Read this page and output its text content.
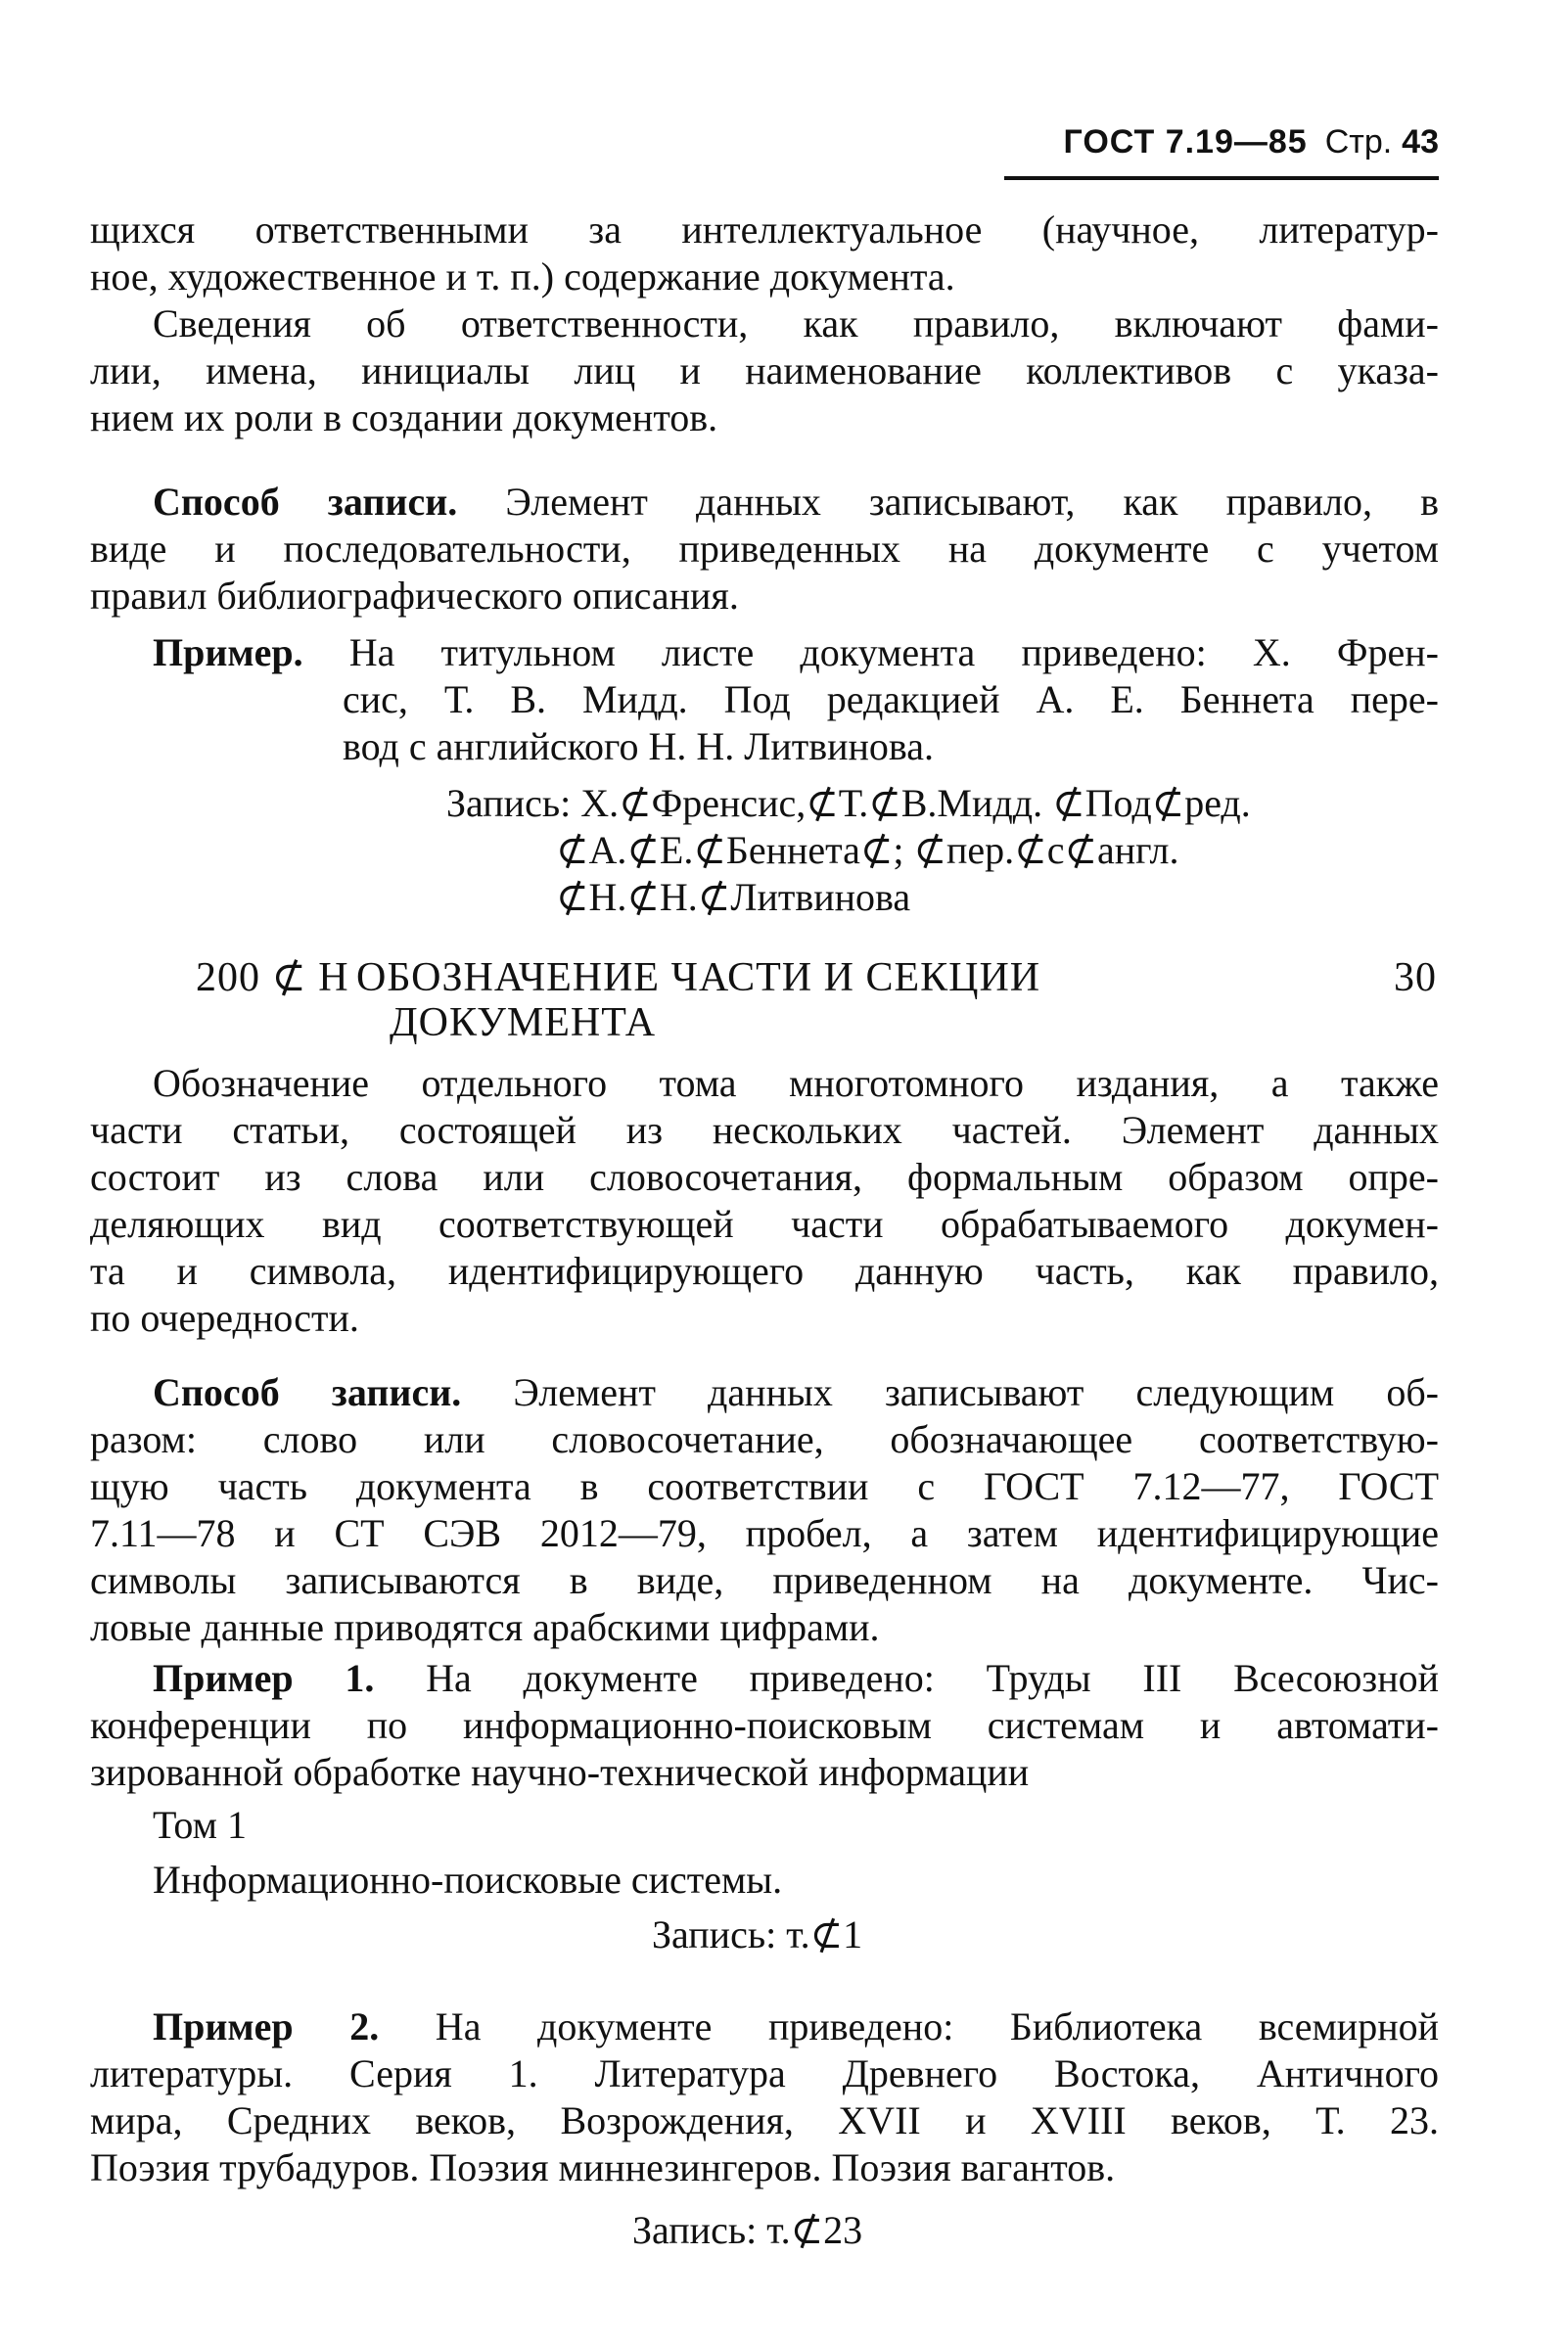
ГОСТ 7.19—85 Стр. 43
щихся ответственными за интеллектуальное (научное, литератур-
ное, художественное и т. п.) содержание документа.
Сведения об ответственности, как правило, включают фами-
лии, имена, инициалы лиц и наименование коллективов с указа-
нием их роли в создании документов.
Способ записи. Элемент данных записывают, как правило, в
виде и последовательности, приведенных на документе с учетом
правил библиографического описания.
Пример. На титульном листе документа приведено: Х. Френ-
сис, Т. В. Мидд. Под редакцией А. Е. Беннета пере-
вод с английского Н. Н. Литвинова.
Запись: Х.⊄Френсис,⊄Т.⊄В.Мидд. ⊄Под⊄ред.
⊄А.⊄Е.⊄Беннета⊄; ⊄пер.⊄с⊄англ.
⊄Н.⊄Н.⊄Литвинова
200 ⊄ Н ОБОЗНАЧЕНИЕ ЧАСТИ И СЕКЦИИ
ДОКУМЕНТА
30
Обозначение отдельного тома многотомного издания, а также
части статьи, состоящей из нескольких частей. Элемент данных
состоит из слова или словосочетания, формальным образом опре-
деляющих вид соответствующей части обрабатываемого докумен-
та и символа, идентифицирующего данную часть, как правило,
по очередности.
Способ записи. Элемент данных записывают следующим об-
разом: слово или словосочетание, обозначающее соответствую-
щую часть документа в соответствии с ГОСТ 7.12—77, ГОСТ
7.11—78 и СТ СЭВ 2012—79, пробел, а затем идентифицирующие
символы записываются в виде, приведенном на документе. Чис-
ловые данные приводятся арабскими цифрами.
Пример 1. На документе приведено: Труды III Всесоюзной
конференции по информационно-поисковым системам и автомати-
зированной обработке научно-технической информации
Том 1
Информационно-поисковые системы.
Запись: т.⊄1
Пример 2. На документе приведено: Библиотека всемирной
литературы. Серия 1. Литература Древнего Востока, Античного
мира, Средних веков, Возрождения, XVII и XVIII веков, Т. 23.
Поэзия трубадуров. Поэзия миннезингеров. Поэзия вагантов.
Запись: т.⊄23
